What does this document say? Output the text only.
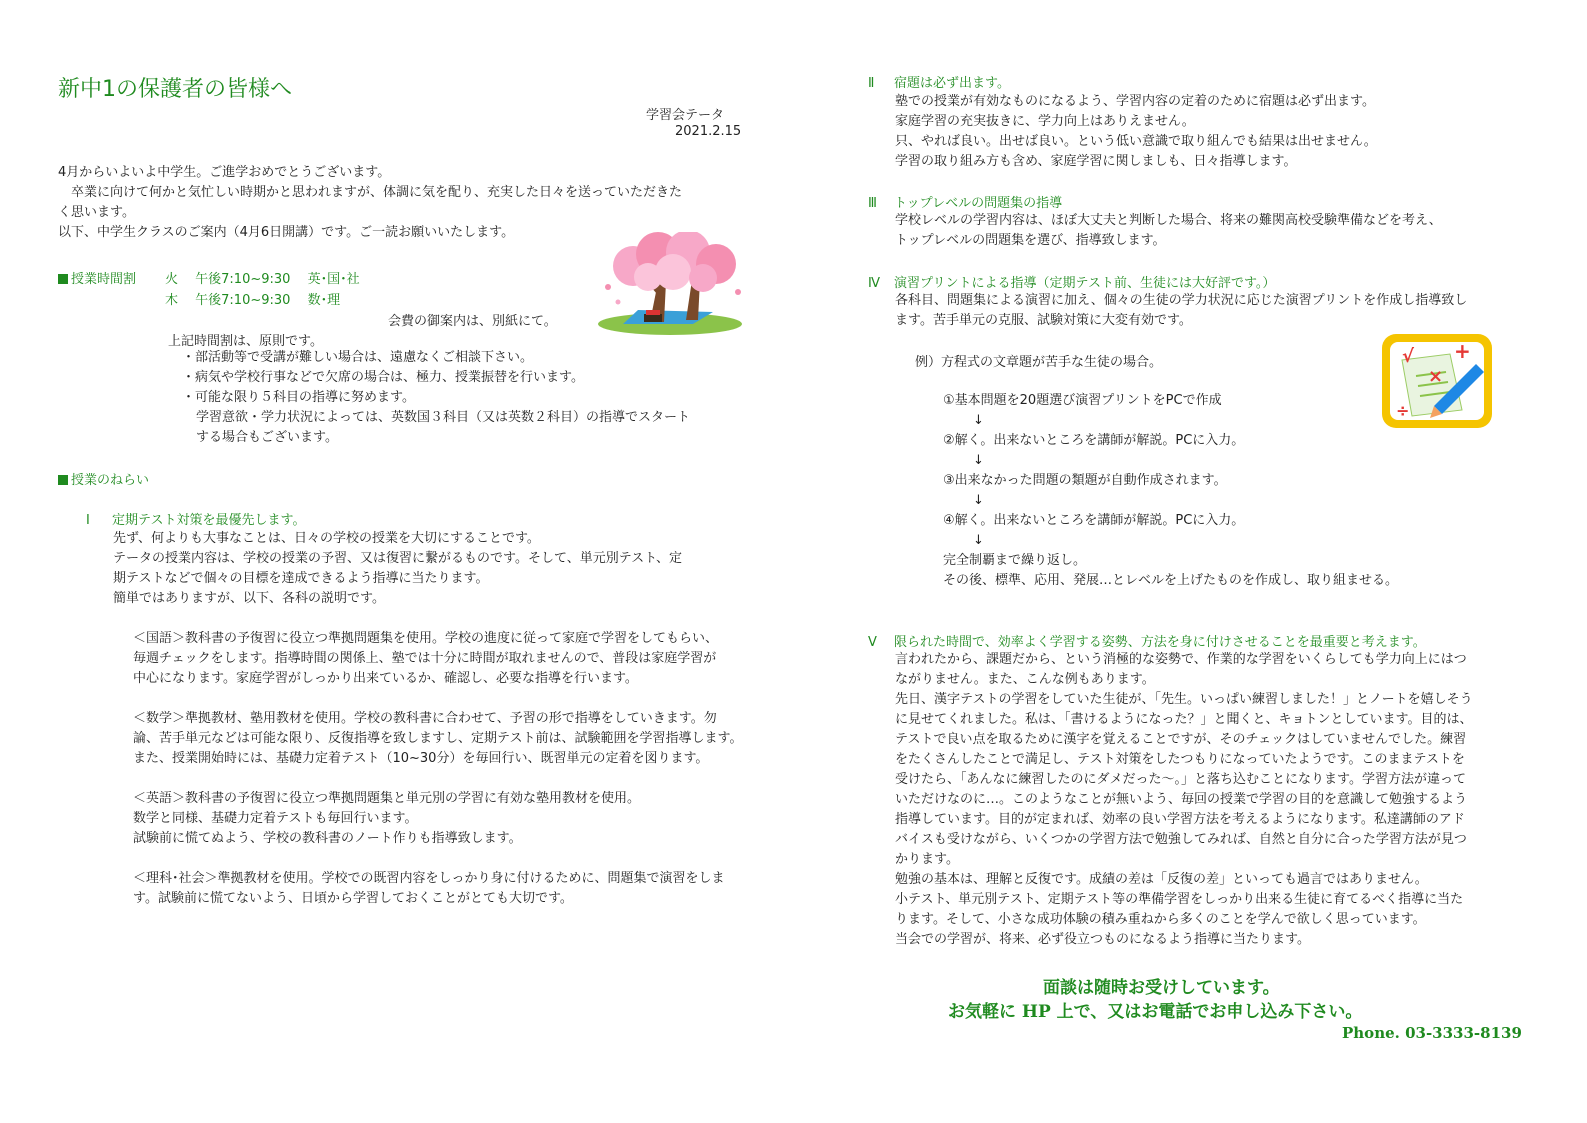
新中1の保護者の皆様へ
学習会テータ
2021.2.15
4月からいよいよ中学生。ご進学おめでとうございます。
　卒業に向けて何かと気忙しい時期かと思われますが、体調に気を配り、充実した日々を送っていただきた
く思います。
以下、中学生クラスのご案内（4月6日開講）です。ご一読お願いいたします。
授業時間割 火　 午後7:10~9:30　 英･国･社
木　 午後7:10~9:30　 数･理
会費の御案内は、別紙にて。
上記時間割は、原則です。
・部活動等で受講が難しい場合は、遠慮なくご相談下さい。
・病気や学校行事などで欠席の場合は、極力、授業振替を行います。
・可能な限り５科目の指導に努めます。
学習意欲・学力状況によっては、英数国３科目（又は英数２科目）の指導でスタート
する場合もございます。
授業のねらい
Ⅰ 定期テスト対策を最優先します。
先ず、何よりも大事なことは、日々の学校の授業を大切にすることです。
テータの授業内容は、学校の授業の予習、又は復習に繋がるものです。そして、単元別テスト、定
期テストなどで個々の目標を達成できるよう指導に当たります。
簡単ではありますが、以下、各科の説明です。
＜国語＞教科書の予復習に役立つ準拠問題集を使用。学校の進度に従って家庭で学習をしてもらい、
毎週チェックをします。指導時間の関係上、塾では十分に時間が取れませんので、普段は家庭学習が
中心になります。家庭学習がしっかり出来ているか、確認し、必要な指導を行います。
＜数学＞準拠教材、塾用教材を使用。学校の教科書に合わせて、予習の形で指導をしていきます。勿
論、苦手単元などは可能な限り、反復指導を致しますし、定期テスト前は、試験範囲を学習指導します。
また、授業開始時には、基礎力定着テスト（10~30分）を毎回行い、既習単元の定着を図ります。
＜英語＞教科書の予復習に役立つ準拠問題集と単元別の学習に有効な塾用教材を使用。
数学と同様、基礎力定着テストも毎回行います。
試験前に慌てぬよう、学校の教科書のノート作りも指導致します。
＜理科･社会＞準拠教材を使用。学校での既習内容をしっかり身に付けるために、問題集で演習をしま
す。試験前に慌てないよう、日頃から学習しておくことがとても大切です。
Ⅱ 宿題は必ず出ます。
塾での授業が有効なものになるよう、学習内容の定着のために宿題は必ず出ます。
家庭学習の充実抜きに、学力向上はありえません。
只、やれば良い。出せば良い。という低い意識で取り組んでも結果は出せません。
学習の取り組み方も含め、家庭学習に関しましも、日々指導します。
Ⅲ トップレベルの問題集の指導
学校レベルの学習内容は、ほぼ大丈夫と判断した場合、将来の難関高校受験準備などを考え、
トップレベルの問題集を選び、指導致します。
Ⅳ 演習プリントによる指導（定期テスト前、生徒には大好評です。）
各科目、問題集による演習に加え、個々の生徒の学力状況に応じた演習プリントを作成し指導致し
ます。苦手単元の克服、試験対策に大変有効です。
例）方程式の文章題が苦手な生徒の場合。	√ +
×
÷
①基本問題を20題選び演習プリントをPCで作成
↓
②解く。出来ないところを講師が解説。PCに入力。
↓
③出来なかった問題の類題が自動作成されます。
↓
④解く。出来ないところを講師が解説。PCに入力。
↓
完全制覇まで繰り返し。
その後、標準、応用、発展…とレベルを上げたものを作成し、取り組ませる。
Ⅴ 限られた時間で、効率よく学習する姿勢、方法を身に付けさせることを最重要と考えます。
言われたから、課題だから、という消極的な姿勢で、作業的な学習をいくらしても学力向上にはつ
ながりません。また、こんな例もあります。
先日、漢字テストの学習をしていた生徒が、「先生。いっぱい練習しました！」とノートを嬉しそう
に見せてくれました。私は、「書けるようになった？」と聞くと、キョトンとしています。目的は、
テストで良い点を取るために漢字を覚えることですが、そのチェックはしていませんでした。練習
をたくさんしたことで満足し、テスト対策をしたつもりになっていたようです。このままテストを
受けたら、「あんなに練習したのにダメだった～。」と落ち込むことになります。学習方法が違って
いただけなのに…。このようなことが無いよう、毎回の授業で学習の目的を意識して勉強するよう
指導しています。目的が定まれば、効率の良い学習方法を考えるようになります。私達講師のアド
バイスも受けながら、いくつかの学習方法で勉強してみれば、自然と自分に合った学習方法が見つ
かります。
勉強の基本は、理解と反復です。成績の差は「反復の差」といっても過言ではありません。
小テスト、単元別テスト、定期テスト等の準備学習をしっかり出来る生徒に育てるべく指導に当た
ります。そして、小さな成功体験の積み重ねから多くのことを学んで欲しく思っています。
当会での学習が、将来、必ず役立つものになるよう指導に当たります。
面談は随時お受けしています。
お気軽に HP 上で、又はお電話でお申し込み下さい。
Phone. 03-3333-8139
